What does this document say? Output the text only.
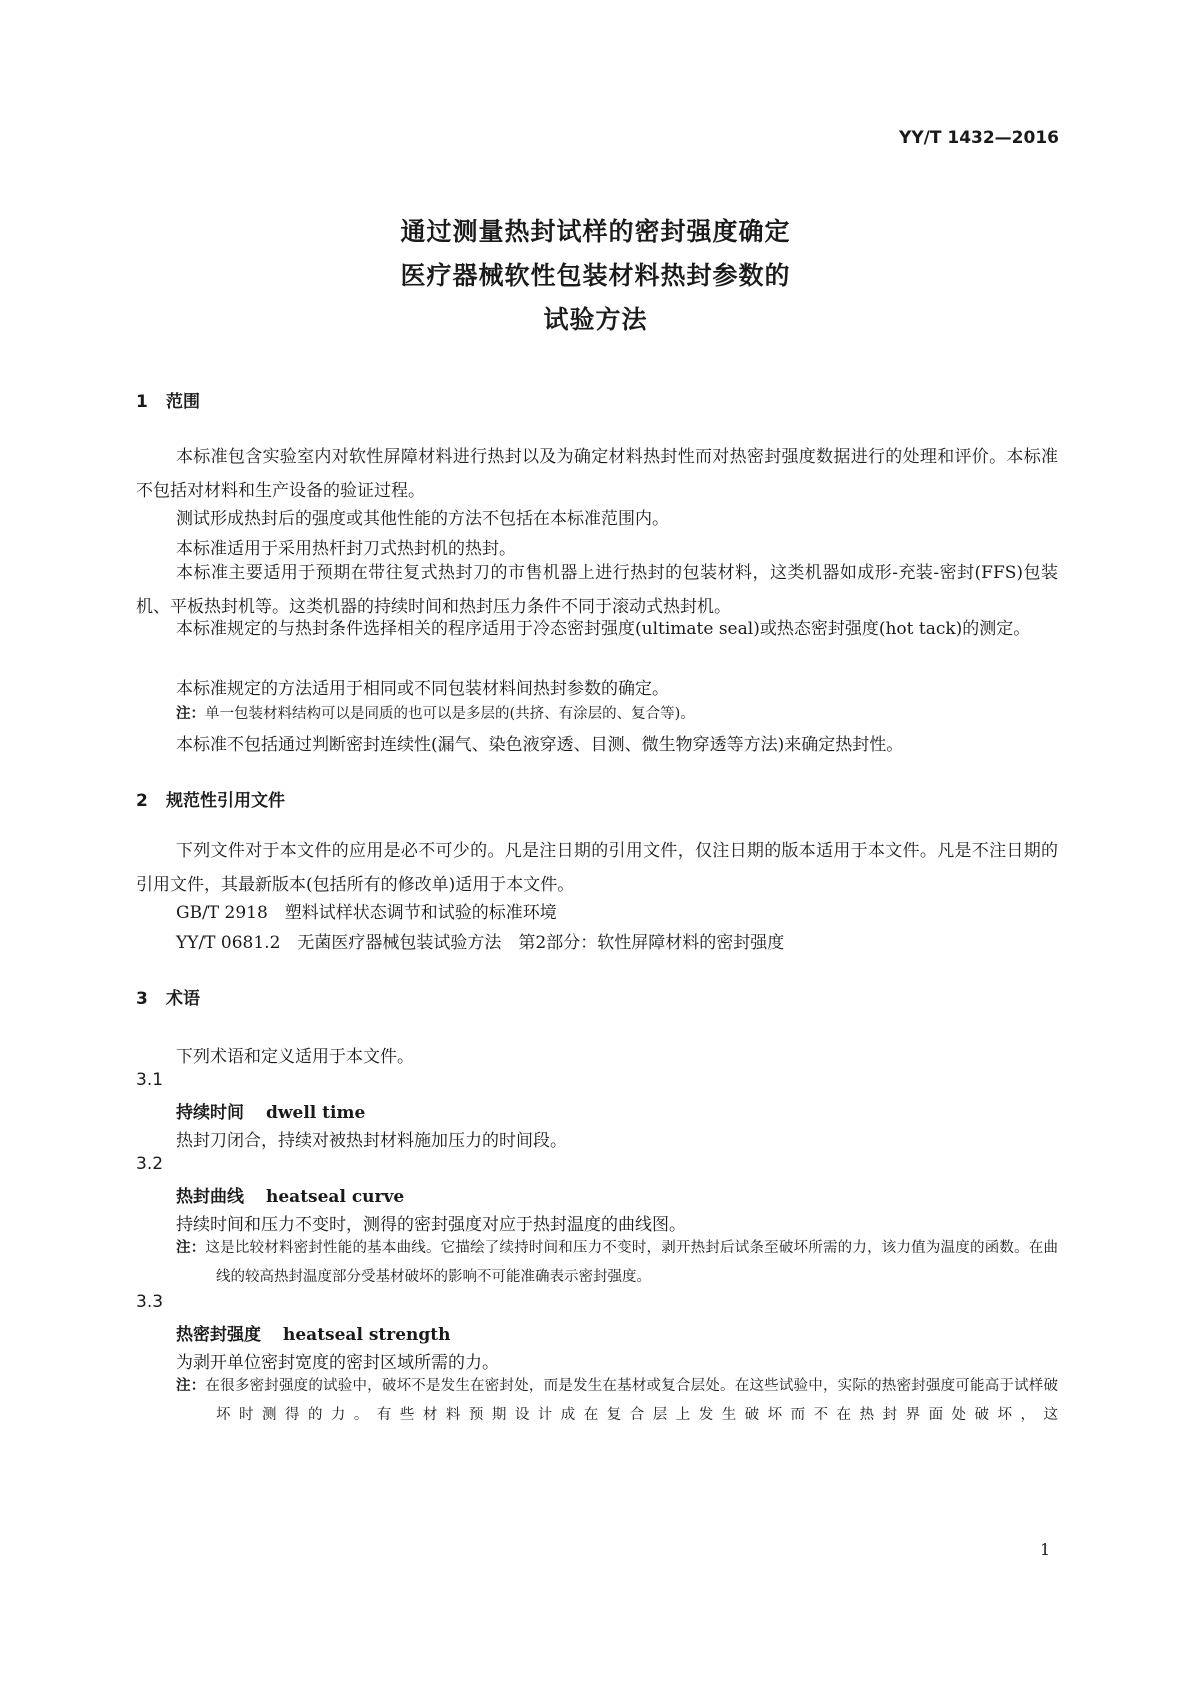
YY/T 1432—2016
通过测量热封试样的密封强度确定
医疗器械软性包装材料热封参数的
试验方法
1 范围
本标准包含实验室内对软性屏障材料进行热封以及为确定材料热封性而对热密封强度数据进行的处理和评价。本标准不包括对材料和生产设备的验证过程。
测试形成热封后的强度或其他性能的方法不包括在本标准范围内。
本标准适用于采用热杆封刀式热封机的热封。
本标准主要适用于预期在带往复式热封刀的市售机器上进行热封的包装材料，这类机器如成形-充装-密封(FFS)包装机、平板热封机等。这类机器的持续时间和热封压力条件不同于滚动式热封机。
本标准规定的与热封条件选择相关的程序适用于冷态密封强度(ultimate seal)或热态密封强度(hot tack)的测定。
本标准规定的方法适用于相同或不同包装材料间热封参数的确定。
注：单一包装材料结构可以是同质的也可以是多层的(共挤、有涂层的、复合等)。
本标准不包括通过判断密封连续性(漏气、染色液穿透、目测、微生物穿透等方法)来确定热封性。
2 规范性引用文件
下列文件对于本文件的应用是必不可少的。凡是注日期的引用文件，仅注日期的版本适用于本文件。凡是不注日期的引用文件，其最新版本(包括所有的修改单)适用于本文件。
GB/T 2918　塑料试样状态调节和试验的标准环境
YY/T 0681.2　无菌医疗器械包装试验方法　第2部分：软性屏障材料的密封强度
3 术语
下列术语和定义适用于本文件。
3.1
持续时间 dwell time
热封刀闭合，持续对被热封材料施加压力的时间段。
3.2
热封曲线 heatseal curve
持续时间和压力不变时，测得的密封强度对应于热封温度的曲线图。
注：这是比较材料密封性能的基本曲线。它描绘了续持时间和压力不变时，剥开热封后试条至破坏所需的力，该力值为温度的函数。在曲线的较高热封温度部分受基材破坏的影响不可能准确表示密封强度。
3.3
热密封强度 heatseal strength
为剥开单位密封宽度的密封区域所需的力。
注：在很多密封强度的试验中，破坏不是发生在密封处，而是发生在基材或复合层处。在这些试验中，实际的热密封强度可能高于试样破坏时测得的力。有些材料预期设计成在复合层上发生破坏而不在热封界面处破坏，这
1
